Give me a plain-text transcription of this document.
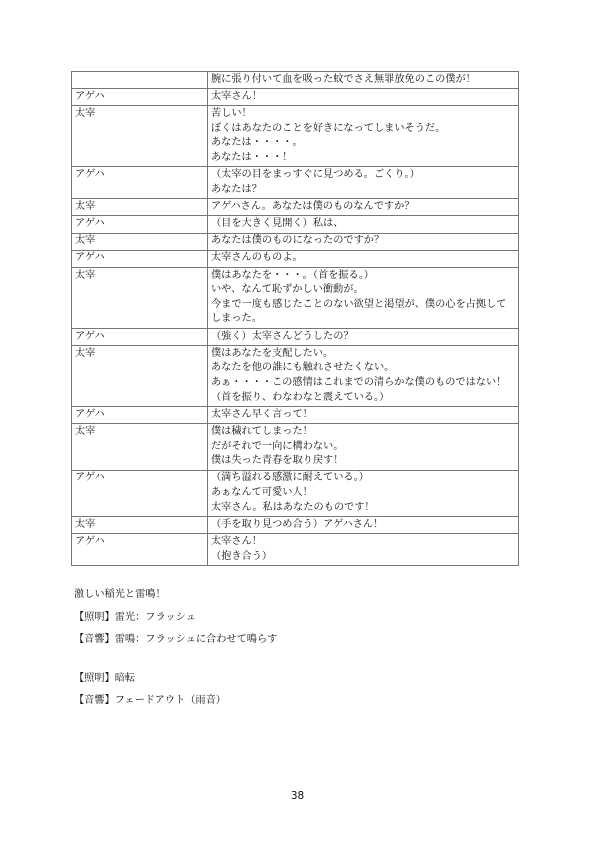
	腕に張り付いて血を吸った蚊でさえ無罪放免のこの僕が！

アゲハ	太宰さん！

太宰	苦しい！
ぼくはあなたのことを好きになってしまいそうだ。
あなたは・・・・。
あなたは・・・！

アゲハ	（太宰の目をまっすぐに見つめる。ごくり。）
あなたは？

太宰	アゲハさん。あなたは僕のものなんですか？

アゲハ	（目を大きく見開く）私は、

太宰	あなたは僕のものになったのですか？

アゲハ	太宰さんのものよ。

太宰	僕はあなたを・・・。（首を振る。）
いや、なんて恥ずかしい衝動が。
今まで一度も感じたことのない欲望と渇望が、僕の心を占拠してしまった。

アゲハ	（強く）太宰さんどうしたの？

太宰	僕はあなたを支配したい。
あなたを他の誰にも触れさせたくない。
あぁ・・・・この感情はこれまでの清らかな僕のものではない！
（首を振り、わなわなと震えている。）

アゲハ	太宰さん早く言って！

太宰	僕は穢れてしまった！
だがそれで一向に構わない。
僕は失った青春を取り戻す！

アゲハ	（満ち溢れる感激に耐えている。）
あぁなんて可愛い人！
太宰さん。私はあなたのものです！

太宰	（手を取り見つめ合う）アゲハさん！

アゲハ	太宰さん！
（抱き合う）
激しい稲光と雷鳴！
【照明】雷光：フラッシュ
【音響】雷鳴：フラッシュに合わせて鳴らす
【照明】暗転
【音響】フェードアウト（雨音）
38
